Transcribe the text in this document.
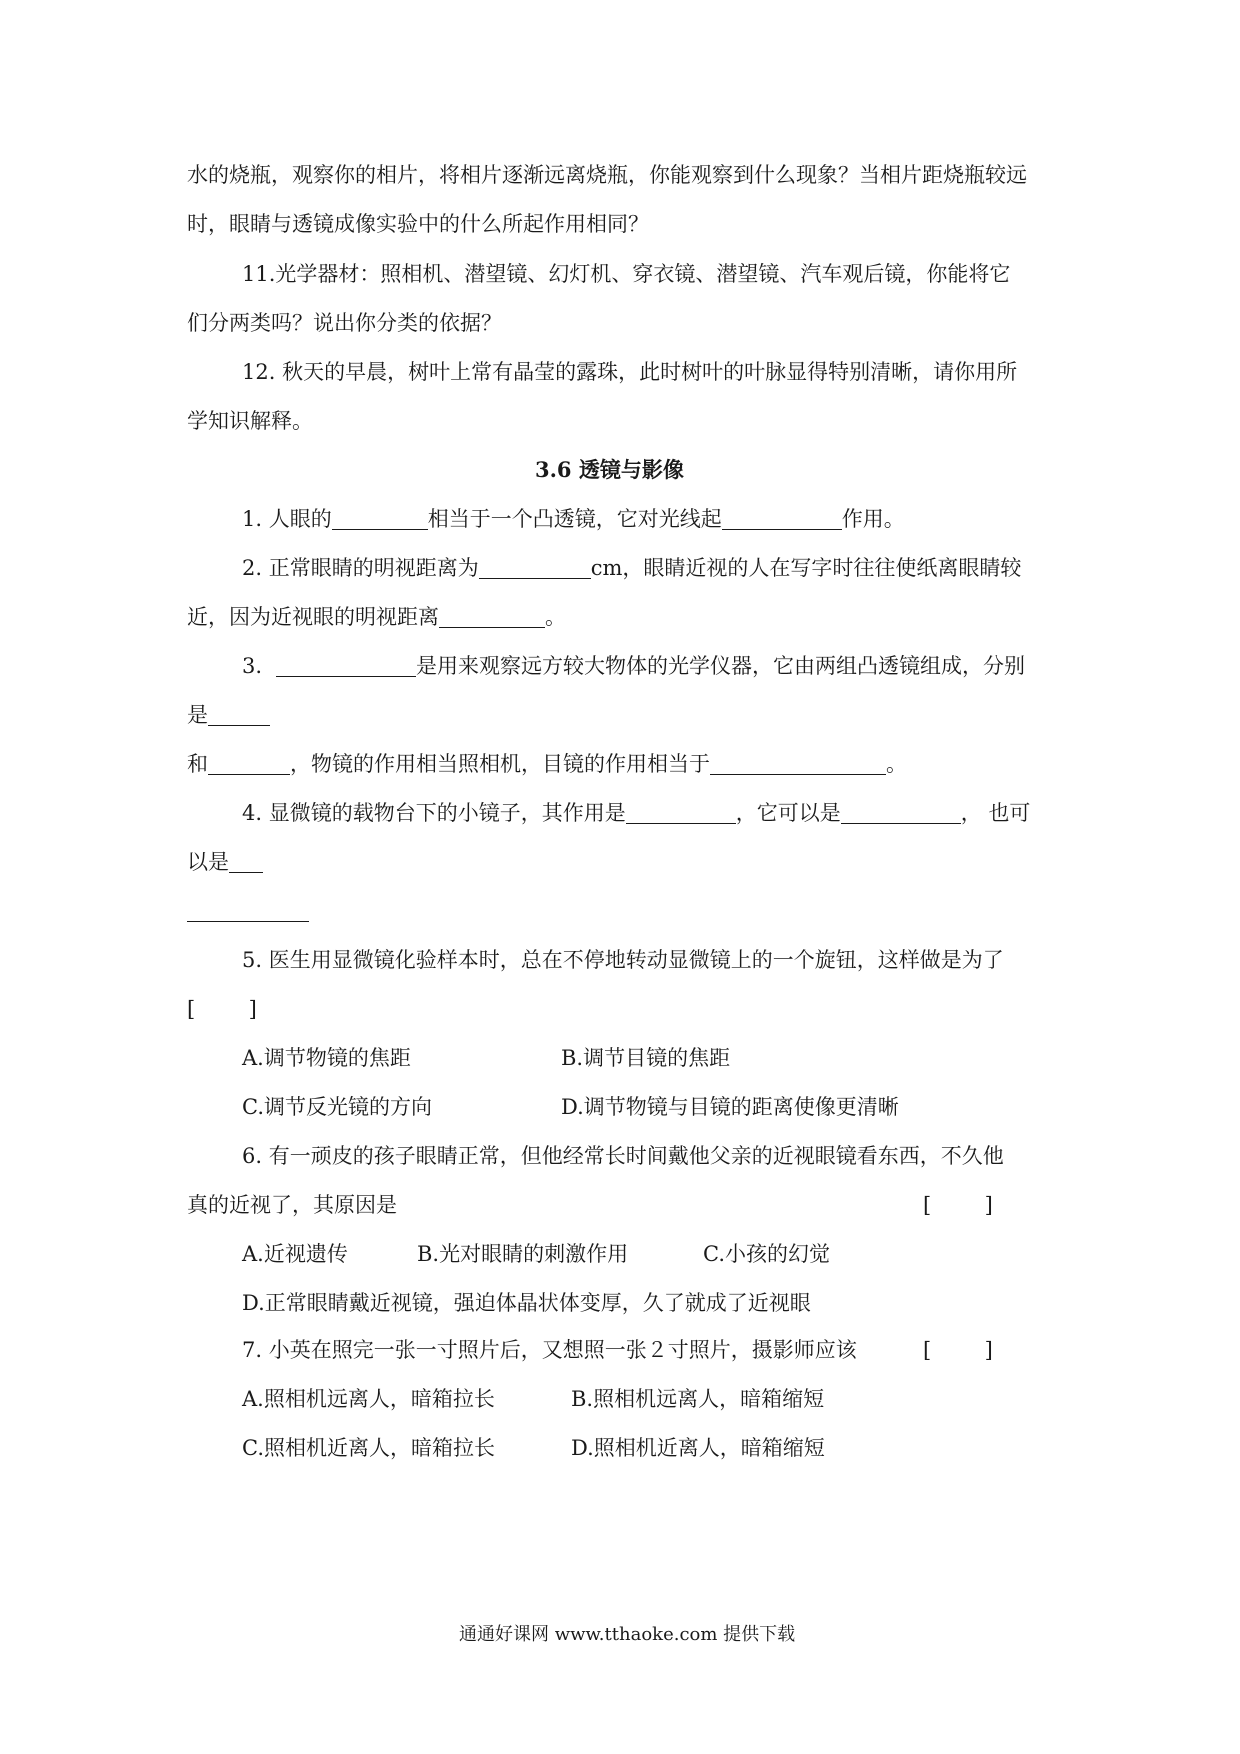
水的烧瓶，观察你的相片，将相片逐渐远离烧瓶，你能观察到什么现象？当相片距烧瓶较远
时，眼睛与透镜成像实验中的什么所起作用相同？
11.光学器材：照相机、潜望镜、幻灯机、穿衣镜、潜望镜、汽车观后镜，你能将它
们分两类吗？说出你分类的依据？
12. 秋天的早晨，树叶上常有晶莹的露珠，此时树叶的叶脉显得特别清晰，请你用所
学知识解释。
3.6 透镜与影像
1. 人眼的	相当于一个凸透镜，它对光线起	作用。
2. 正常眼睛的明视距离为	cm，眼睛近视的人在写字时往往使纸离眼睛较
近，因为近视眼的明视距离	。
3.	是用来观察远方较大物体的光学仪器，它由两组凸透镜组成，分别
是
和	，物镜的作用相当照相机，目镜的作用相当于	。
4. 显微镜的载物台下的小镜子，其作用是	，它可以是	， 也可
以是
5. 医生用显微镜化验样本时，总在不停地转动显微镜上的一个旋钮，这样做是为了
[        ]
A.调节物镜的焦距	B.调节目镜的焦距
C.调节反光镜的方向	D.调节物镜与目镜的距离使像更清晰
6. 有一顽皮的孩子眼睛正常，但他经常长时间戴他父亲的近视眼镜看东西，不久他
真的近视了，其原因是	[        ]
A.近视遗传	B.光对眼睛的刺激作用	C.小孩的幻觉
D.正常眼睛戴近视镜，强迫体晶状体变厚，久了就成了近视眼
7. 小英在照完一张一寸照片后，又想照一张２寸照片，摄影师应该	[        ]
A.照相机远离人，暗箱拉长	B.照相机远离人，暗箱缩短
C.照相机近离人，暗箱拉长	D.照相机近离人，暗箱缩短
通通好课网 www.tthaoke.com 提供下载
